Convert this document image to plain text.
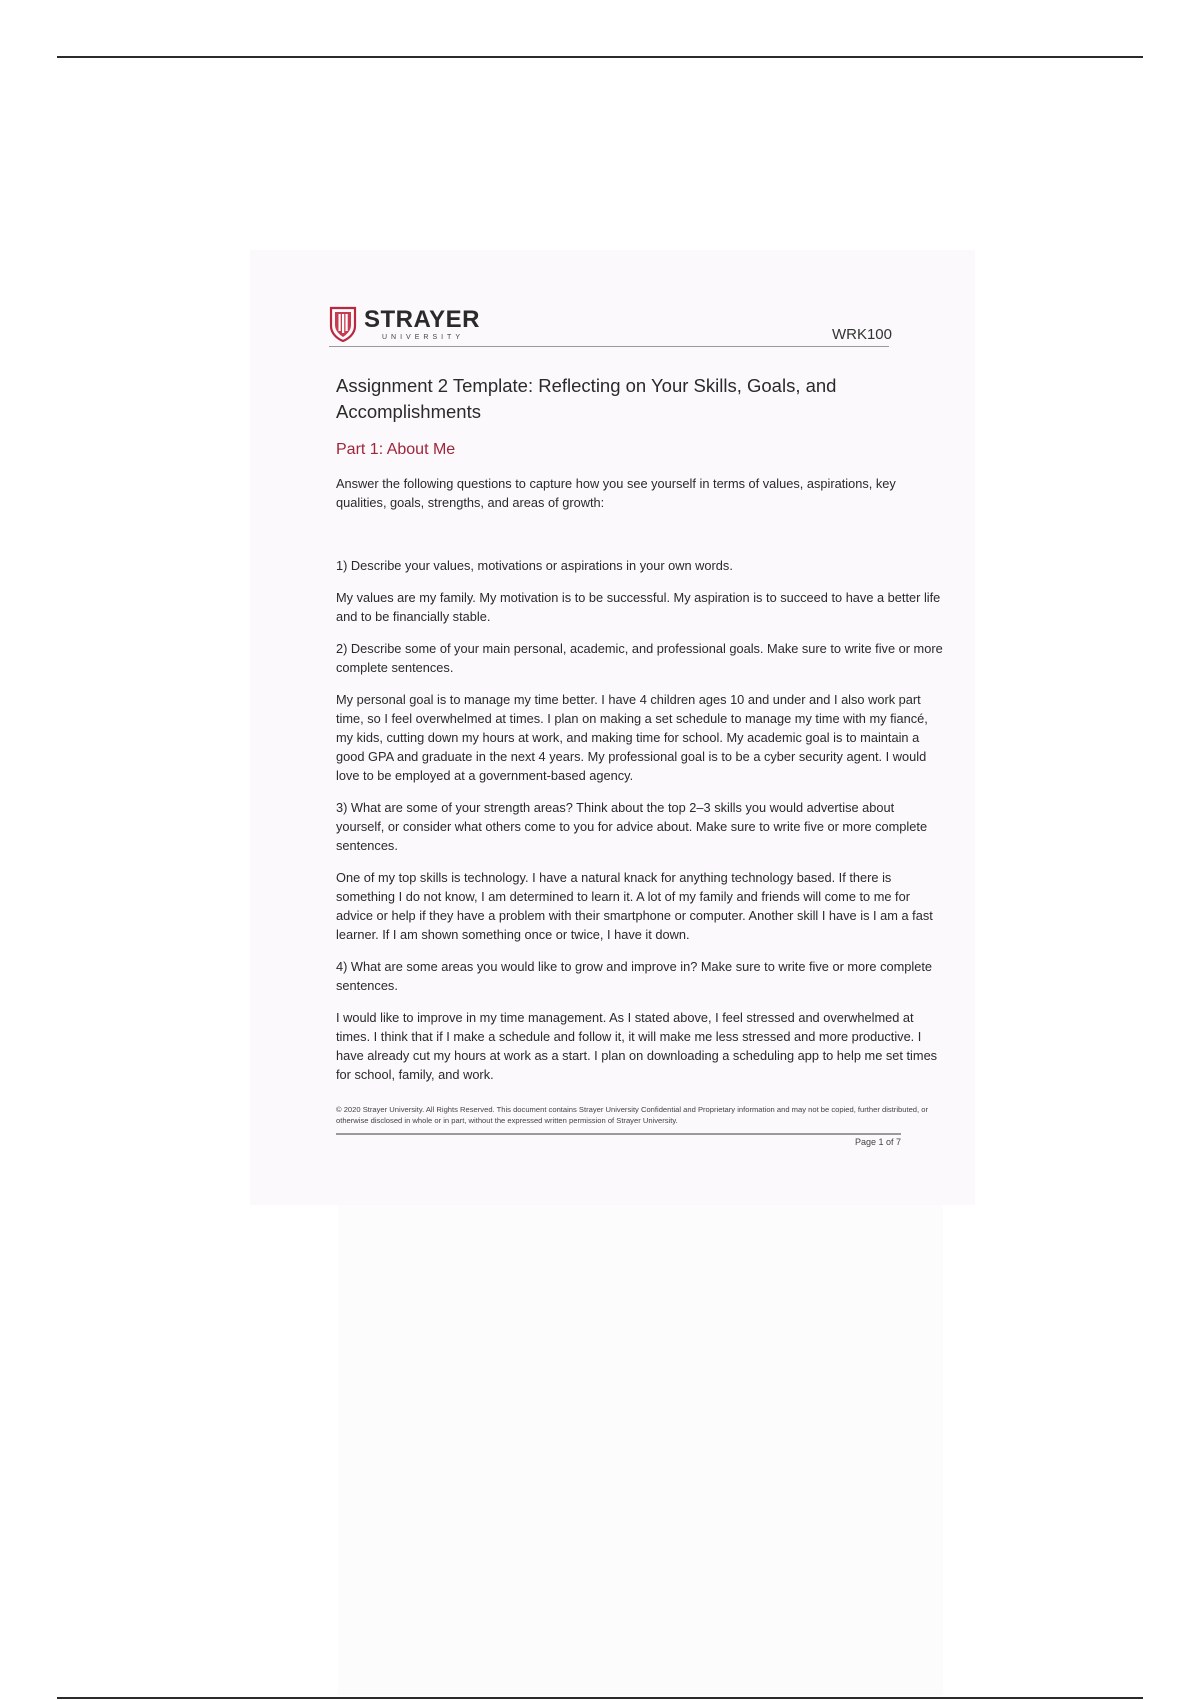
STRAYER
UNIVERSITY	WRK100
Assignment 2 Template: Reflecting on Your Skills, Goals, and Accomplishments
Part 1: About Me

Answer the following questions to capture how you see yourself in terms of values, aspirations, key qualities, goals, strengths, and areas of growth:

1) Describe your values, motivations or aspirations in your own words.

My values are my family. My motivation is to be successful. My aspiration is to succeed to have a better life and to be financially stable.

2) Describe some of your main personal, academic, and professional goals. Make sure to write five or more complete sentences.

My personal goal is to manage my time better. I have 4 children ages 10 and under and I also work part time, so I feel overwhelmed at times. I plan on making a set schedule to manage my time with my fiancé, my kids, cutting down my hours at work, and making time for school. My academic goal is to maintain a good GPA and graduate in the next 4 years. My professional goal is to be a cyber security agent. I would love to be employed at a government-based agency.

3) What are some of your strength areas? Think about the top 2–3 skills you would advertise about yourself, or consider what others come to you for advice about. Make sure to write five or more complete sentences.

One of my top skills is technology. I have a natural knack for anything technology based. If there is something I do not know, I am determined to learn it. A lot of my family and friends will come to me for advice or help if they have a problem with their smartphone or computer. Another skill I have is I am a fast learner. If I am shown something once or twice, I have it down.

4) What are some areas you would like to grow and improve in? Make sure to write five or more complete sentences.

I would like to improve in my time management. As I stated above, I feel stressed and overwhelmed at times. I think that if I make a schedule and follow it, it will make me less stressed and more productive. I have already cut my hours at work as a start. I plan on downloading a scheduling app to help me set times for school, family, and work.

© 2020 Strayer University. All Rights Reserved. This document contains Strayer University Confidential and Proprietary information and may not be copied, further distributed, or otherwise disclosed in whole or in part, without the expressed written permission of Strayer University.
Page 1 of 7
